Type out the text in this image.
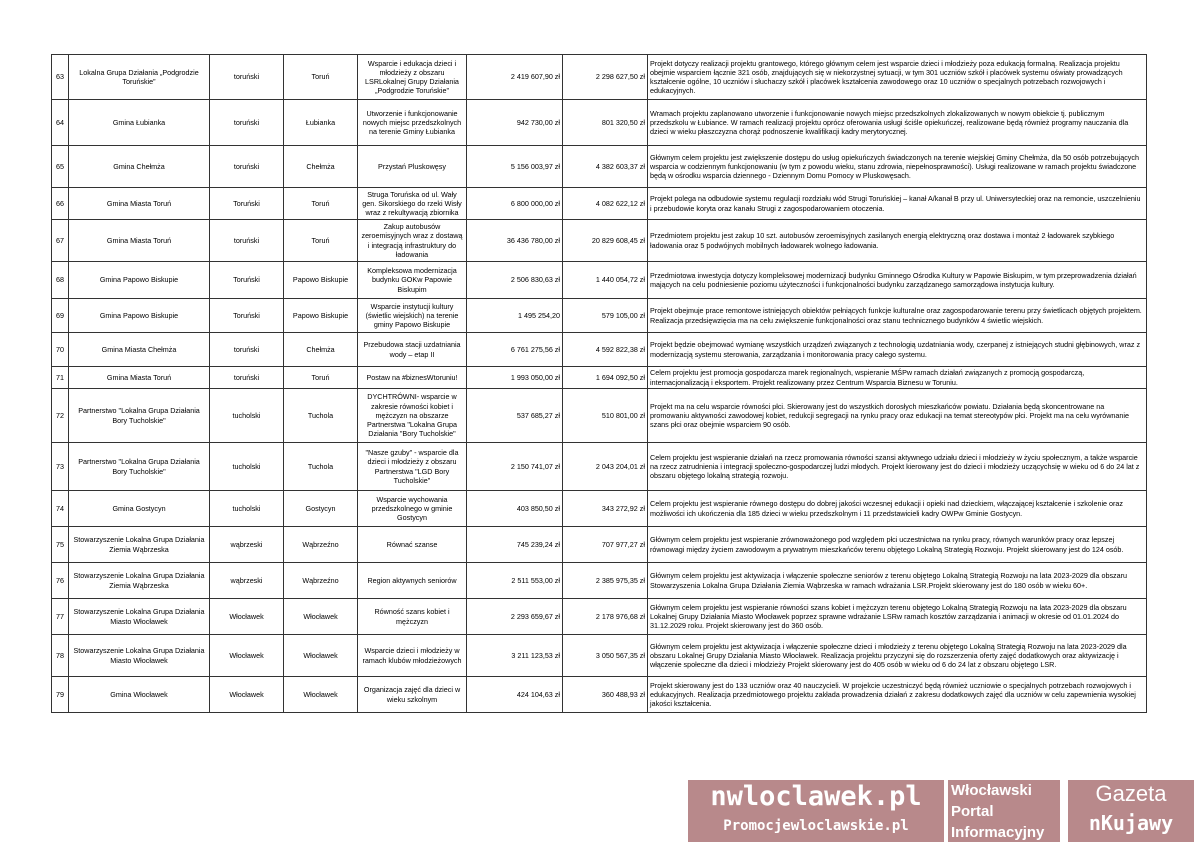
63	Lokalna Grupa Działania „Podgrodzie Toruńskie”	toruński	Toruń	Wsparcie i edukacja dzieci i młodzieży z obszaru LSRLokalnej Grupy Działania „Podgrodzie Toruńskie”	2 419 607,90 zł	2 298 627,50 zł	Projekt dotyczy realizacji projektu grantowego, którego głównym celem jest wsparcie dzieci i młodzieży poza edukacją formalną. Realizacja projektu obejmie wsparciem łącznie 321 osób, znajdujących się w niekorzystnej sytuacji, w tym 301 uczniów szkół i placówek systemu oświaty prowadzących kształcenie ogólne, 10 uczniów i słuchaczy szkół i placówek kształcenia zawodowego oraz 10 uczniów o specjalnych potrzebach rozwojowych i edukacyjnych.
64	Gmina Łubianka	toruński	Łubianka	Utworzenie i funkcjonowanie nowych miejsc przedszkolnych na terenie Gminy Łubianka	942 730,00 zł	801 320,50 zł	Wramach projektu zaplanowano utworzenie i funkcjonowanie nowych miejsc przedszkolnych zlokalizowanych w nowym obiekcie tj. publicznym przedszkolu w Łubiance. W ramach realizacji projektu oprócz oferowania usługi ściśle opiekuńczej, realizowane będą również programy nauczania dla dzieci w wieku płaszczyzna chorąż podnoszenie kwalifikacji kadry merytorycznej.
65	Gmina Chełmża	toruński	Chełmża	Przystań Pluskowęsy	5 156 003,97 zł	4 382 603,37 zł	Głównym celem projektu jest zwiększenie dostępu do usług opiekuńczych świadczonych na terenie wiejskiej Gminy Chełmża, dla 50 osób potrzebujących wsparcia w codziennym funkcjonowaniu (w tym z powodu wieku, stanu zdrowia, niepełnosprawności). Usługi realizowane w ramach projektu świadczone będą w ośrodku wsparcia dziennego - Dziennym Domu Pomocy w Pluskowęsach.
66	Gmina Miasta Toruń	Toruński	Toruń	Struga Toruńska od ul. Wały gen. Sikorskiego do rzeki Wisły wraz z rekultywacją zbiornika	6 800 000,00 zł	4 082 622,12 zł	Projekt polega na odbudowie systemu regulacji rozdziału wód Strugi Toruńskiej – kanał A/kanał B przy ul. Uniwersyteckiej oraz na remoncie, uszczelnieniu i przebudowie koryta oraz kanału Strugi z zagospodarowaniem otoczenia.
67	Gmina Miasta Toruń	toruński	Toruń	Zakup autobusów zeroemisyjnych wraz z dostawą i integracją infrastruktury do ładowania	36 436 780,00 zł	20 829 608,45 zł	Przedmiotem projektu jest zakup 10 szt. autobusów zeroemisyjnych zasilanych energią elektryczną oraz dostawa i montaż 2 ładowarek szybkiego ładowania oraz 5 podwójnych mobilnych ładowarek wolnego ładowania.
68	Gmina Papowo Biskupie	Toruński	Papowo Biskupie	Kompleksowa modernizacja budynku GOKw Papowie Biskupim	2 506 830,63 zł	1 440 054,72 zł	Przedmiotowa inwestycja dotyczy kompleksowej modernizacji budynku Gminnego Ośrodka Kultury w Papowie Biskupim, w tym przeprowadzenia działań mających na celu podniesienie poziomu użyteczności i funkcjonalności budynku zarządzanego samorządowa instytucja kultury.
69	Gmina Papowo Biskupie	Toruński	Papowo Biskupie	Wsparcie instytucji kultury (świetlic wiejskich) na terenie gminy Papowo Biskupie	1 495 254,20	579 105,00 zł	Projekt obejmuje prace remontowe istniejących obiektów pełniących funkcje kulturalne oraz zagospodarowanie terenu przy świetlicach objętych projektem. Realizacja przedsięwzięcia ma na celu zwiększenie funkcjonalności oraz stanu technicznego budynków 4 świetlic wiejskich.
70	Gmina Miasta Chełmża	toruński	Chełmża	Przebudowa stacji uzdatniania wody – etap II	6 761 275,56 zł	4 592 822,38 zł	Projekt będzie obejmować wymianę wszystkich urządzeń związanych z technologią uzdatniania wody, czerpanej z istniejących studni głębinowych, wraz z modernizacją systemu sterowania, zarządzania i monitorowania pracy całego systemu.
71	Gmina Miasta Toruń	toruński	Toruń	Postaw na #biznesWtoruniu!	1 993 050,00 zł	1 694 092,50 zł	Celem projektu jest promocja gospodarcza marek regionalnych, wspieranie MŚPw ramach działań związanych z promocją gospodarczą, internacjonalizacją i eksportem. Projekt realizowany przez Centrum Wsparcia Biznesu w Toruniu.
72	Partnerstwo "Lokalna Grupa Działania Bory Tucholskie"	tucholski	Tuchola	DYCHTRÓWNI- wsparcie w zakresie równości kobiet i mężczyzn na obszarze Partnerstwa "Lokalna Grupa Działania "Bory Tucholskie"	537 685,27 zł	510 801,00 zł	Projekt ma na celu wsparcie równości płci. Skierowany jest do wszystkich dorosłych mieszkańców powiatu. Działania będą skoncentrowane na promowaniu aktywności zawodowej kobiet, redukcji segregacji na rynku pracy oraz edukacji na temat stereotypów płci. Projekt ma na celu wyrównanie szans płci oraz obejmie wsparciem 90 osób.
73	Partnerstwo "Lokalna Grupa Działania Bory Tucholskie"	tucholski	Tuchola	"Nasze gzuby" - wsparcie dla dzieci i młodzieży z obszaru Partnerstwa "LGD Bory Tucholskie"	2 150 741,07 zł	2 043 204,01 zł	Celem projektu jest wspieranie działań na rzecz promowania równości szansi aktywnego udziału dzieci i młodzieży w życiu społecznym, a także wsparcie na rzecz zatrudnienia i integracji społeczno-gospodarczej ludzi młodych. Projekt kierowany jest do dzieci i młodzieży uczącychsię w wieku od 6 do 24 lat z obszaru objętego lokalną strategią rozwoju.
74	Gmina Gostycyn	tucholski	Gostycyn	Wsparcie wychowania przedszkolnego w gminie Gostycyn	403 850,50 zł	343 272,92 zł	Celem projektu jest wspieranie równego dostępu do dobrej jakości wczesnej edukacji i opieki nad dzieckiem, włączającej kształcenie i szkolenie oraz możliwości ich ukończenia dla 185 dzieci w wieku przedszkolnym i 11 przedstawicieli kadry OWPw Gminie Gostycyn.
75	Stowarzyszenie Lokalna Grupa Działania Ziemia Wąbrzeska	wąbrzeski	Wąbrzeźno	Równać szanse	745 239,24 zł	707 977,27 zł	Głównym celem projektu jest wspieranie zrównoważonego pod względem płci uczestnictwa na rynku pracy, równych warunków pracy oraz lepszej równowagi między życiem zawodowym a prywatnym mieszkańców terenu objętego Lokalną Strategią Rozwoju. Projekt skierowany jest do 124 osób.
76	Stowarzyszenie Lokalna Grupa Działania Ziemia Wąbrzeska	wąbrzeski	Wąbrzeźno	Region aktywnych seniorów	2 511 553,00 zł	2 385 975,35 zł	Głównym celem projektu jest aktywizacja i włączenie społeczne seniorów z terenu objętego Lokalną Strategią Rozwoju na lata 2023-2029 dla obszaru Stowarzyszenia Lokalna Grupa Działania Ziemia Wąbrzeska w ramach wdrażania LSR.Projekt skierowany jest do 180 osób w wieku 60+.
77	Stowarzyszenie Lokalna Grupa Działania Miasto Włocławek	Włocławek	Włocławek	Równość szans kobiet i mężczyzn	2 293 659,67 zł	2 178 976,68 zł	Głównym celem projektu jest wspieranie równości szans kobiet i mężczyzn terenu objętego Lokalną Strategią Rozwoju na lata 2023-2029 dla obszaru Lokalnej Grupy Działania Miasto Włocławek poprzez sprawne wdrażanie LSRw ramach kosztów zarządzania i animacji w okresie od 01.01.2024 do 31.12.2029 roku. Projekt skierowany jest do 360 osób.
78	Stowarzyszenie Lokalna Grupa Działania Miasto Włocławek	Włocławek	Włocławek	Wsparcie dzieci i młodzieży w ramach klubów młodzieżowych	3 211 123,53 zł	3 050 567,35 zł	Głównym celem projektu jest aktywizacja i włączenie społeczne dzieci i młodzieży z terenu objętego Lokalną Strategią Rozwoju na lata 2023-2029 dla obszaru Lokalnej Grupy Działania Miasto Włocławek. Realizacja projektu przyczyni się do rozszerzenia oferty zajęć dodatkowych oraz aktywizację i włączenie społeczne dla dzieci i młodzieży Projekt skierowany jest do 405 osób w wieku od 6 do 24 lat z obszaru objętego LSR.
79	Gmina Włocławek	Włocławek	Włocławek	Organizacja zajęć dla dzieci w wieku szkolnym	424 104,63 zł	360 488,93 zł	Projekt skierowany jest do 133 uczniów oraz 40 nauczycieli. W projekcie uczestniczyć będą również uczniowie o specjalnych potrzebach rozwojowych i edukacyjnych. Realizacja przedmiotowego projektu zakłada prowadzenia działań z zakresu dodatkowych zajęć dla uczniów w celu zapewnienia wysokiej jakości kształcenia.
nwloclawek.pl
Promocjewloclawskie.pl
Włocławski
Portal
Informacyjny
Gazeta
nKujawy
